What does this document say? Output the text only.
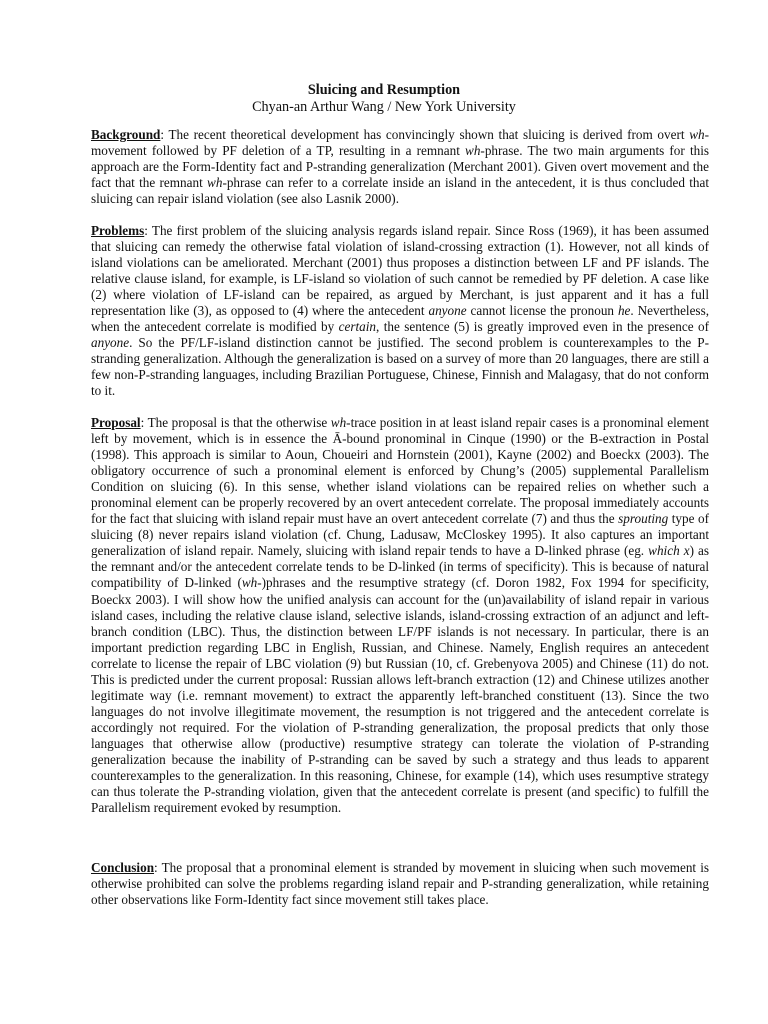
Sluicing and Resumption
Chyan-an Arthur Wang / New York University

Background: The recent theoretical development has convincingly shown that sluicing is derived from overt wh-movement followed by PF deletion of a TP, resulting in a remnant wh-phrase. The two main arguments for this approach are the Form-Identity fact and P-stranding generalization (Merchant 2001). Given overt movement and the fact that the remnant wh-phrase can refer to a correlate inside an island in the antecedent, it is thus concluded that sluicing can repair island violation (see also Lasnik 2000).

Problems: The first problem of the sluicing analysis regards island repair. Since Ross (1969), it has been assumed that sluicing can remedy the otherwise fatal violation of island-crossing extraction (1). However, not all kinds of island violations can be ameliorated. Merchant (2001) thus proposes a distinction between LF and PF islands. The relative clause island, for example, is LF-island so violation of such cannot be remedied by PF deletion. A case like (2) where violation of LF-island can be repaired, as argued by Merchant, is just apparent and it has a full representation like (3), as opposed to (4) where the antecedent anyone cannot license the pronoun he. Nevertheless, when the antecedent correlate is modified by certain, the sentence (5) is greatly improved even in the presence of anyone. So the PF/LF-island distinction cannot be justified. The second problem is counterexamples to the P-stranding generalization. Although the generalization is based on a survey of more than 20 languages, there are still a few non-P-stranding languages, including Brazilian Portuguese, Chinese, Finnish and Malagasy, that do not conform to it.

Proposal: The proposal is that the otherwise wh-trace position in at least island repair cases is a pronominal element left by movement, which is in essence the Ā-bound pronominal in Cinque (1990) or the B-extraction in Postal (1998). This approach is similar to Aoun, Choueiri and Hornstein (2001), Kayne (2002) and Boeckx (2003). The obligatory occurrence of such a pronominal element is enforced by Chung’s (2005) supplemental Parallelism Condition on sluicing (6). In this sense, whether island violations can be repaired relies on whether such a pronominal element can be properly recovered by an overt antecedent correlate. The proposal immediately accounts for the fact that sluicing with island repair must have an overt antecedent correlate (7) and thus the sprouting type of sluicing (8) never repairs island violation (cf. Chung, Ladusaw, McCloskey 1995). It also captures an important generalization of island repair. Namely, sluicing with island repair tends to have a D-linked phrase (eg. which x) as the remnant and/or the antecedent correlate tends to be D-linked (in terms of specificity). This is because of natural compatibility of D-linked (wh-)phrases and the resumptive strategy (cf. Doron 1982, Fox 1994 for specificity, Boeckx 2003). I will show how the unified analysis can account for the (un)availability of island repair in various island cases, including the relative clause island, selective islands, island-crossing extraction of an adjunct and left-branch condition (LBC). Thus, the distinction between LF/PF islands is not necessary. In particular, there is an important prediction regarding LBC in English, Russian, and Chinese. Namely, English requires an antecedent correlate to license the repair of LBC violation (9) but Russian (10, cf. Grebenyova 2005) and Chinese (11) do not. This is predicted under the current proposal: Russian allows left-branch extraction (12) and Chinese utilizes another legitimate way (i.e. remnant movement) to extract the apparently left-branched constituent (13). Since the two languages do not involve illegitimate movement, the resumption is not triggered and the antecedent correlate is accordingly not required. For the violation of P-stranding generalization, the proposal predicts that only those languages that otherwise allow (productive) resumptive strategy can tolerate the violation of P-stranding generalization because the inability of P-stranding can be saved by such a strategy and thus leads to apparent counterexamples to the generalization. In this reasoning, Chinese, for example (14), which uses resumptive strategy can thus tolerate the P-stranding violation, given that the antecedent correlate is present (and specific) to fulfill the Parallelism requirement evoked by resumption.

Conclusion: The proposal that a pronominal element is stranded by movement in sluicing when such movement is otherwise prohibited can solve the problems regarding island repair and P-stranding generalization, while retaining other observations like Form-Identity fact since movement still takes place.
